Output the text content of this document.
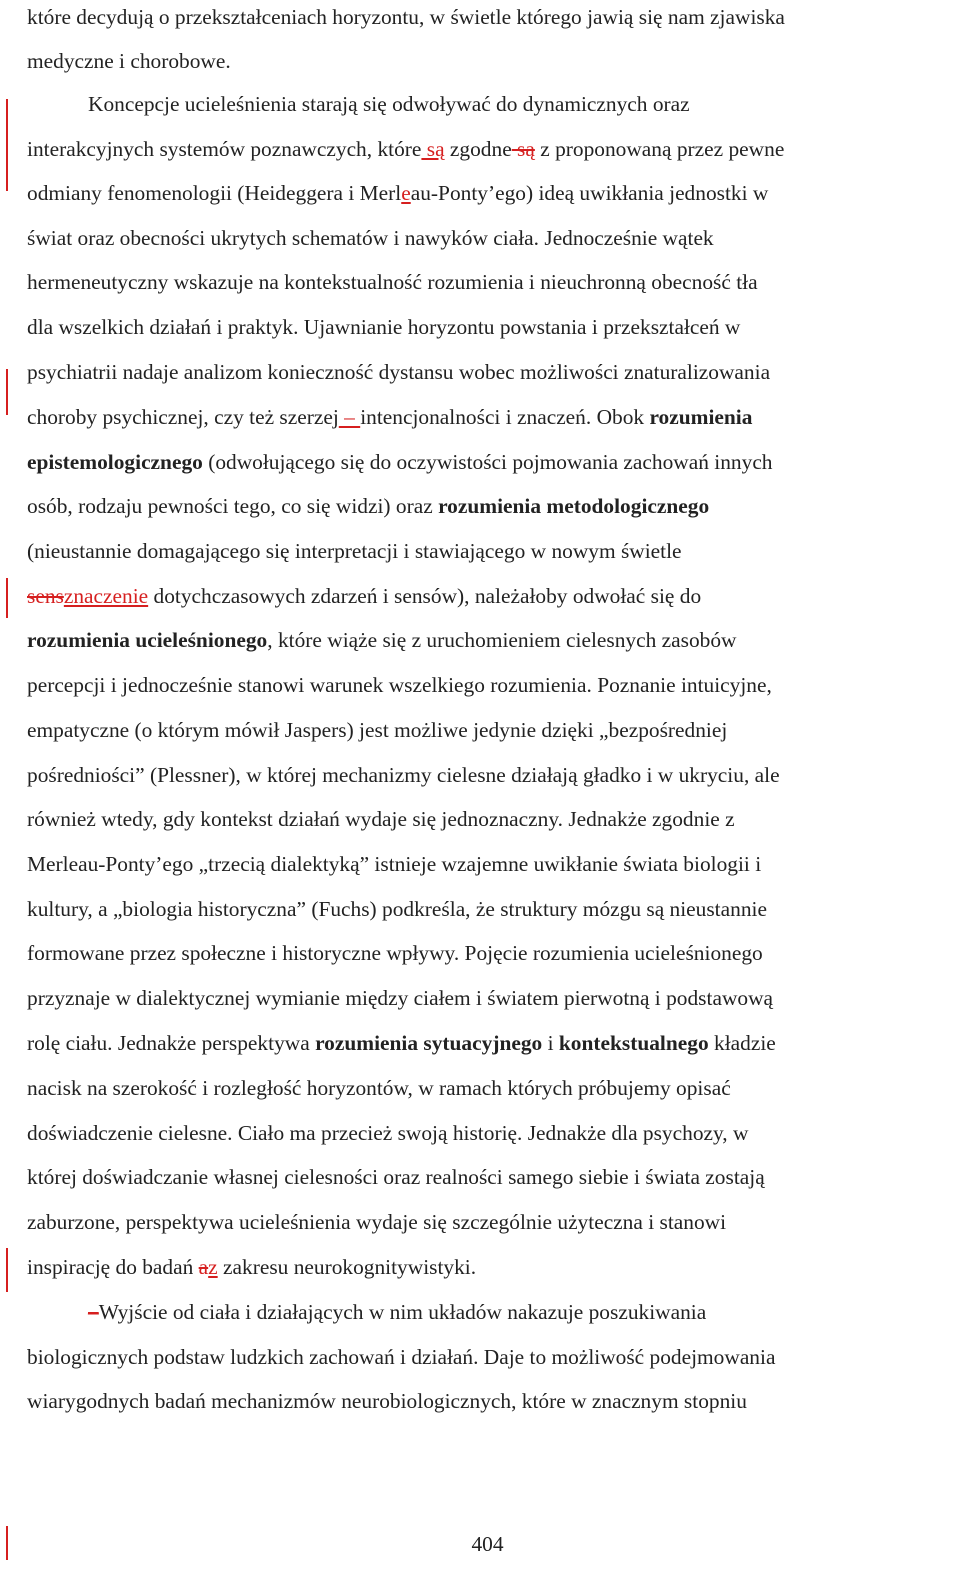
które decydują o przekształceniach horyzontu, w świetle którego jawią się nam zjawiska
medyczne i chorobowe.
Koncepcje ucieleśnienia starają się odwoływać do dynamicznych oraz
interakcyjnych systemów poznawczych, które są zgodne są z proponowaną przez pewne
odmiany fenomenologii (Heideggera i Merleau-Ponty’ego) ideą uwikłania jednostki w
świat oraz obecności ukrytych schematów i nawyków ciała. Jednocześnie wątek
hermeneutyczny wskazuje na kontekstualność rozumienia i nieuchronną obecność tła
dla wszelkich działań i praktyk. Ujawnianie horyzontu powstania i przekształceń w
psychiatrii nadaje analizom konieczność dystansu wobec możliwości znaturalizowania
choroby psychicznej, czy też szerzej – intencjonalności i znaczeń. Obok rozumienia
epistemologicznego (odwołującego się do oczywistości pojmowania zachowań innych
osób, rodzaju pewności tego, co się widzi) oraz rozumienia metodologicznego
(nieustannie domagającego się interpretacji i stawiającego w nowym świetle
sensznaczenie dotychczasowych zdarzeń i sensów), należałoby odwołać się do
rozumienia ucieleśnionego, które wiąże się z uruchomieniem cielesnych zasobów
percepcji i jednocześnie stanowi warunek wszelkiego rozumienia. Poznanie intuicyjne,
empatyczne (o którym mówił Jaspers) jest możliwe jedynie dzięki „bezpośredniej
pośredniości” (Plessner), w której mechanizmy cielesne działają gładko i w ukryciu, ale
również wtedy, gdy kontekst działań wydaje się jednoznaczny. Jednakże zgodnie z
Merleau-Ponty’ego „trzecią dialektyką” istnieje wzajemne uwikłanie świata biologii i
kultury, a „biologia historyczna” (Fuchs) podkreśla, że struktury mózgu są nieustannie
formowane przez społeczne i historyczne wpływy. Pojęcie rozumienia ucieleśnionego
przyznaje w dialektycznej wymianie między ciałem i światem pierwotną i podstawową
rolę ciału. Jednakże perspektywa rozumienia sytuacyjnego i kontekstualnego kładzie
nacisk na szerokość i rozległość horyzontów, w ramach których próbujemy opisać
doświadczenie cielesne. Ciało ma przecież swoją historię. Jednakże dla psychozy, w
której doświadczanie własnej cielesności oraz realności samego siebie i świata zostają
zaburzone, perspektywa ucieleśnienia wydaje się szczególnie użyteczna i stanowi
inspirację do badań az zakresu neurokognitywistyki.
–Wyjście od ciała i działających w nim układów nakazuje poszukiwania
biologicznych podstaw ludzkich zachowań i działań. Daje to możliwość podejmowania
wiarygodnych badań mechanizmów neurobiologicznych, które w znacznym stopniu
404
